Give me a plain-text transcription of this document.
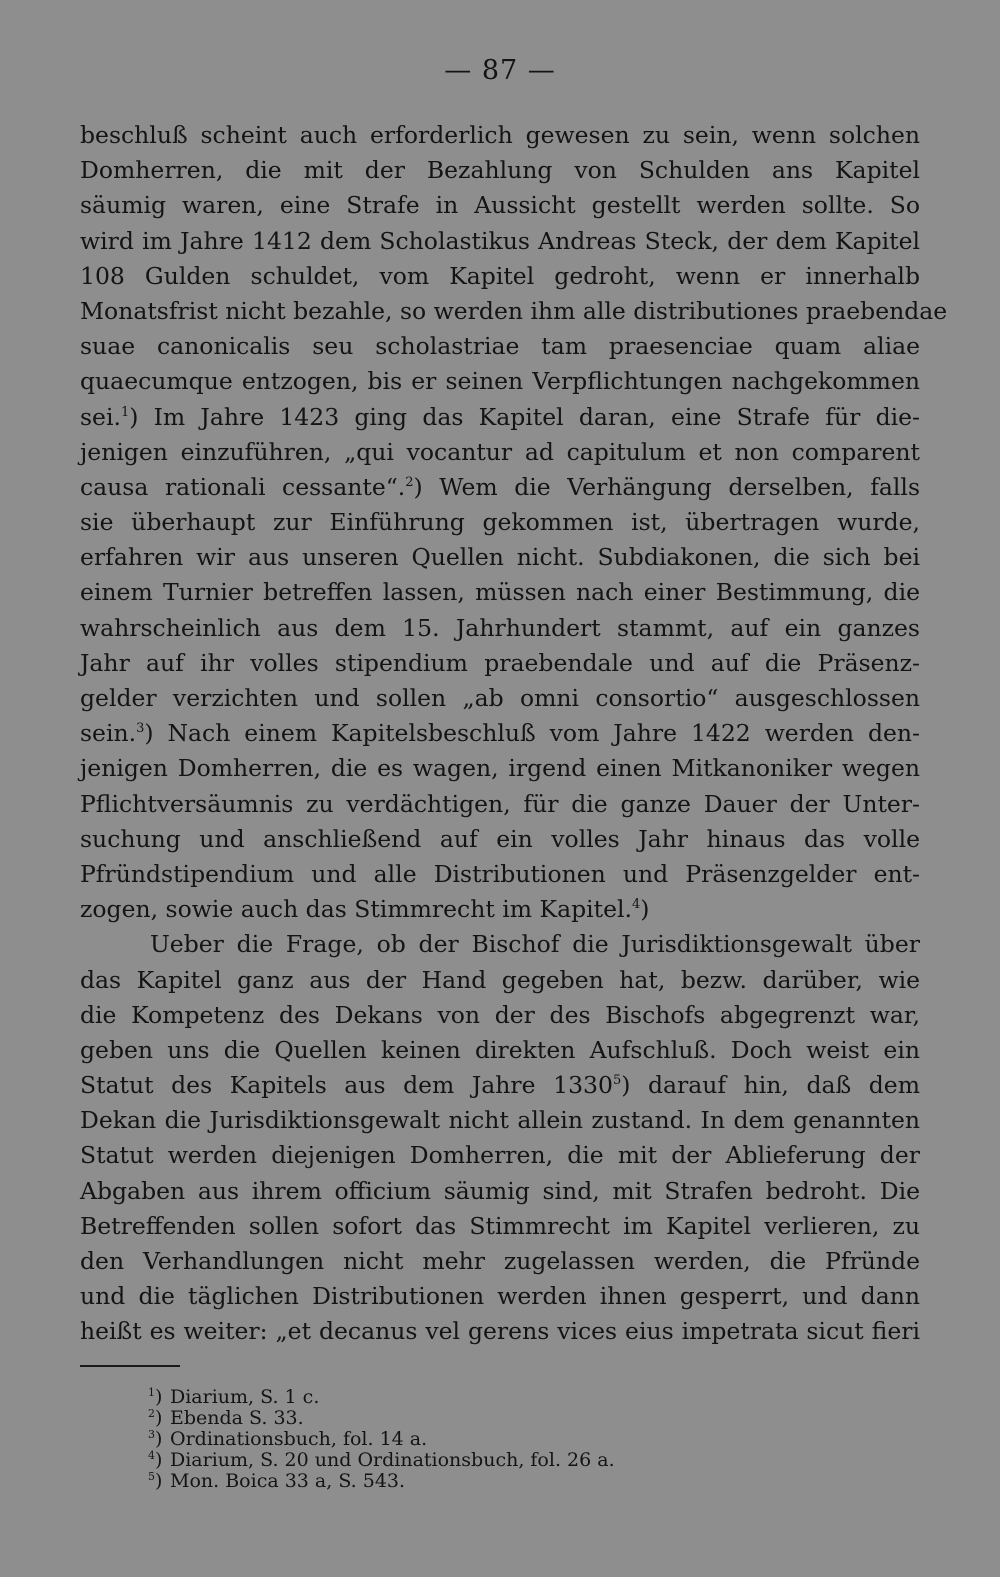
— 87 —
beschluß scheint auch erforderlich gewesen zu sein, wenn solchen
Domherren, die mit der Bezahlung von Schulden ans Kapitel
säumig waren, eine Strafe in Aussicht gestellt werden sollte. So
wird im Jahre 1412 dem Scholastikus Andreas Steck, der dem Kapitel
108 Gulden schuldet, vom Kapitel gedroht, wenn er innerhalb
Monatsfrist nicht bezahle, so werden ihm alle distributiones praebendae
suae canonicalis seu scholastriae tam praesenciae quam aliae
quaecumque entzogen, bis er seinen Verpflichtungen nachgekommen
sei.$^1$) Im Jahre 1423 ging das Kapitel daran, eine Strafe für die-
jenigen einzuführen, „qui vocantur ad capitulum et non comparent
causa rationali cessante“.$^2$) Wem die Verhängung derselben, falls
sie überhaupt zur Einführung gekommen ist, übertragen wurde,
erfahren wir aus unseren Quellen nicht. Subdiakonen, die sich bei
einem Turnier betreffen lassen, müssen nach einer Bestimmung, die
wahrscheinlich aus dem 15. Jahrhundert stammt, auf ein ganzes
Jahr auf ihr volles stipendium praebendale und auf die Präsenz-
gelder verzichten und sollen „ab omni consortio“ ausgeschlossen
sein.$^3$) Nach einem Kapitelsbeschluß vom Jahre 1422 werden den-
jenigen Domherren, die es wagen, irgend einen Mitkanoniker wegen
Pflichtversäumnis zu verdächtigen, für die ganze Dauer der Unter-
suchung und anschließend auf ein volles Jahr hinaus das volle
Pfründstipendium und alle Distributionen und Präsenzgelder ent-
zogen, sowie auch das Stimmrecht im Kapitel.$^4$)
Ueber die Frage, ob der Bischof die Jurisdiktionsgewalt über
das Kapitel ganz aus der Hand gegeben hat, bezw. darüber, wie
die Kompetenz des Dekans von der des Bischofs abgegrenzt war,
geben uns die Quellen keinen direkten Aufschluß. Doch weist ein
Statut des Kapitels aus dem Jahre 1330$^5$) darauf hin, daß dem
Dekan die Jurisdiktionsgewalt nicht allein zustand. In dem genannten
Statut werden diejenigen Domherren, die mit der Ablieferung der
Abgaben aus ihrem officium säumig sind, mit Strafen bedroht. Die
Betreffenden sollen sofort das Stimmrecht im Kapitel verlieren, zu
den Verhandlungen nicht mehr zugelassen werden, die Pfründe
und die täglichen Distributionen werden ihnen gesperrt, und dann
heißt es weiter: „et decanus vel gerens vices eius impetrata sicut fieri
$^1$) Diarium, S. 1 c.
$^2$) Ebenda S. 33.
$^3$) Ordinationsbuch, fol. 14 a.
$^4$) Diarium, S. 20 und Ordinationsbuch, fol. 26 a.
$^5$) Mon. Boica 33 a, S. 543.
